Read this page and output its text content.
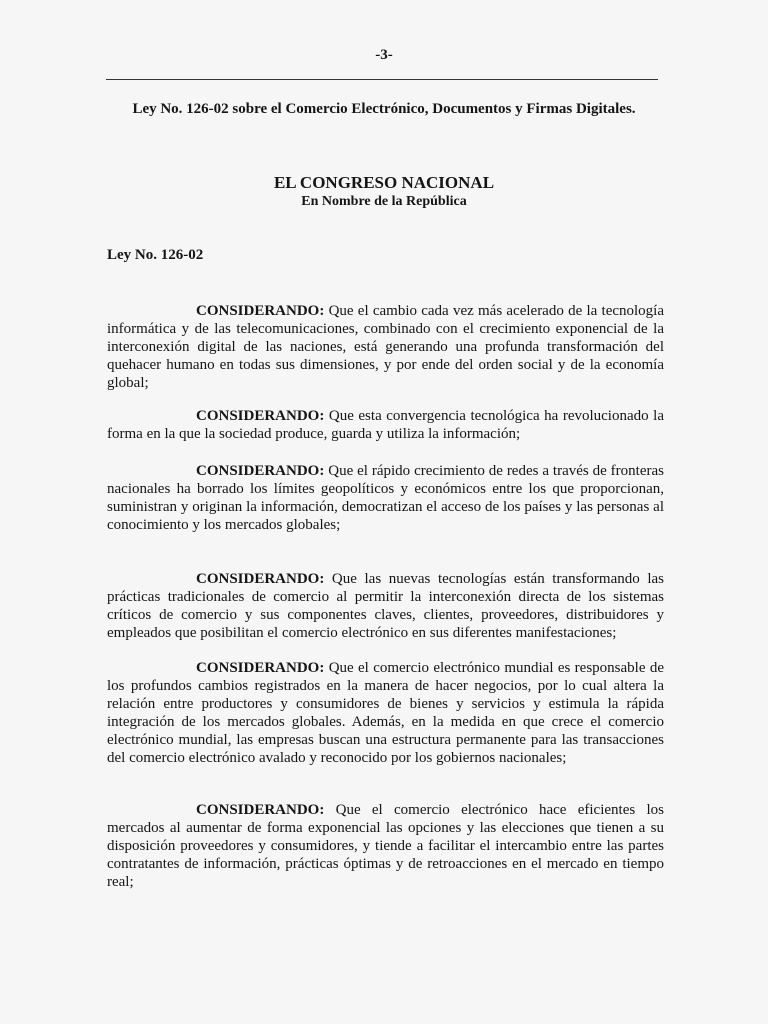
-3-
Ley No. 126-02 sobre el Comercio Electrónico, Documentos y Firmas Digitales.
EL CONGRESO NACIONAL
En Nombre de la República
Ley No. 126-02

CONSIDERANDO: Que el cambio cada vez más acelerado de la tecnología informática y de las telecomunicaciones, combinado con el crecimiento exponencial de la interconexión digital de las naciones, está generando una profunda transformación del quehacer humano en todas sus dimensiones, y por ende del orden social y de la economía global;

CONSIDERANDO: Que esta convergencia tecnológica ha revolucionado la forma en la que la sociedad produce, guarda y utiliza la información;

CONSIDERANDO: Que el rápido crecimiento de redes a través de fronteras nacionales ha borrado los límites geopolíticos y económicos entre los que proporcionan, suministran y originan la información, democratizan el acceso de los países y las personas al conocimiento y los mercados globales;

CONSIDERANDO: Que las nuevas tecnologías están transformando las prácticas tradicionales de comercio al permitir la interconexión directa de los sistemas críticos de comercio y sus componentes claves, clientes, proveedores, distribuidores y empleados que posibilitan el comercio electrónico en sus diferentes manifestaciones;

CONSIDERANDO: Que el comercio electrónico mundial es responsable de los profundos cambios registrados en la manera de hacer negocios, por lo cual altera la relación entre productores y consumidores de bienes y servicios y estimula la rápida integración de los mercados globales. Además, en la medida en que crece el comercio electrónico mundial, las empresas buscan una estructura permanente para las transacciones del comercio electrónico avalado y reconocido por los gobiernos nacionales;

CONSIDERANDO: Que el comercio electrónico hace eficientes los mercados al aumentar de forma exponencial las opciones y las elecciones que tienen a su disposición proveedores y consumidores, y tiende a facilitar el intercambio entre las partes contratantes de información, prácticas óptimas y de retroacciones en el mercado en tiempo real;
